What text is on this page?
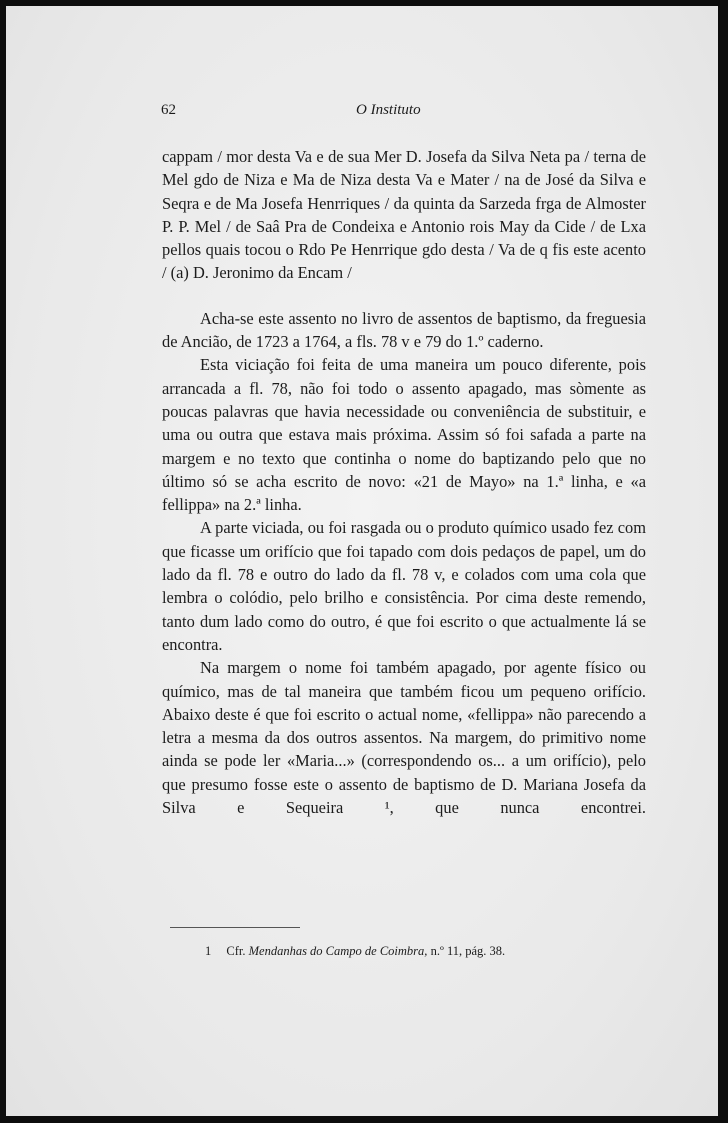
62	O Instituto

cappam / mor desta Va e de sua Mer D. Josefa da Silva Neta pa / terna de Mel gdo de Niza e Ma de Niza desta Va e Mater / na de José da Silva e Seqra e de Ma Josefa Henrriques / da quinta da Sarzeda frga de Almoster P. P. Mel / de Saâ Pra de Condeixa e Antonio rois May da Cide / de Lxa pellos quais tocou o Rdo Pe Henrrique gdo desta / Va de q fis este acento / (a) D. Jeronimo da Encam /

Acha-se este assento no livro de assentos de baptismo, da freguesia de Ancião, de 1723 a 1764, a fls. 78 v e 79 do 1.º caderno.

Esta viciação foi feita de uma maneira um pouco diferente, pois arrancada a fl. 78, não foi todo o assento apagado, mas sòmente as poucas palavras que havia necessidade ou conveniência de substituir, e uma ou outra que estava mais próxima. Assim só foi safada a parte na margem e no texto que continha o nome do baptizando pelo que no último só se acha escrito de novo: «21 de Mayo» na 1.ª linha, e «a fellippa» na 2.ª linha.

A parte viciada, ou foi rasgada ou o produto químico usado fez com que ficasse um orifício que foi tapado com dois pedaços de papel, um do lado da fl. 78 e outro do lado da fl. 78 v, e colados com uma cola que lembra o colódio, pelo brilho e consistência. Por cima deste remendo, tanto dum lado como do outro, é que foi escrito o que actualmente lá se encontra.

Na margem o nome foi também apagado, por agente físico ou químico, mas de tal maneira que também ficou um pequeno orifício. Abaixo deste é que foi escrito o actual nome, «fellippa» não parecendo a letra a mesma da dos outros assentos. Na margem, do primitivo nome ainda se pode ler «Maria...» (correspondendo os... a um orifício), pelo que presumo fosse este o assento de baptismo de D. Mariana Josefa da Silva e Sequeira ¹, que nunca encontrei.

1 Cfr. Mendanhas do Campo de Coimbra, n.º 11, pág. 38.
